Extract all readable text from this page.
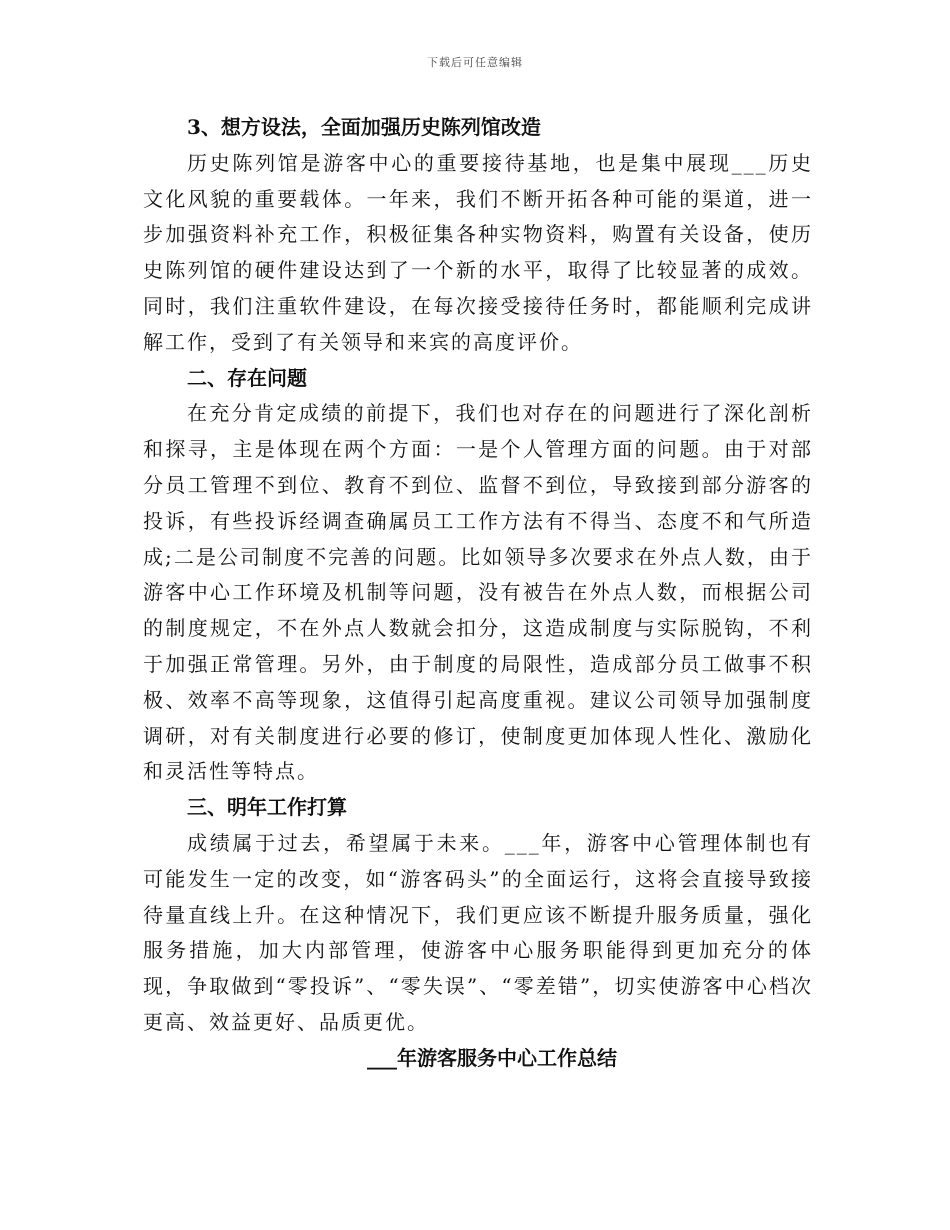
下载后可任意编辑

3、想方设法，全面加强历史陈列馆改造

历史陈列馆是游客中心的重要接待基地，也是集中展现___历史文化风貌的重要载体。一年来，我们不断开拓各种可能的渠道，进一步加强资料补充工作，积极征集各种实物资料，购置有关设备，使历史陈列馆的硬件建设达到了一个新的水平，取得了比较显著的成效。同时，我们注重软件建设，在每次接受接待任务时，都能顺利完成讲解工作，受到了有关领导和来宾的高度评价。

二、存在问题

在充分肯定成绩的前提下，我们也对存在的问题进行了深化剖析和探寻，主是体现在两个方面：一是个人管理方面的问题。由于对部分员工管理不到位、教育不到位、监督不到位，导致接到部分游客的投诉，有些投诉经调查确属员工工作方法有不得当、态度不和气所造成;二是公司制度不完善的问题。比如领导多次要求在外点人数，由于游客中心工作环境及机制等问题，没有被告在外点人数，而根据公司的制度规定，不在外点人数就会扣分，这造成制度与实际脱钩，不利于加强正常管理。另外，由于制度的局限性，造成部分员工做事不积极、效率不高等现象，这值得引起高度重视。建议公司领导加强制度调研，对有关制度进行必要的修订，使制度更加体现人性化、激励化和灵活性等特点。

三、明年工作打算

成绩属于过去，希望属于未来。___年，游客中心管理体制也有可能发生一定的改变，如“游客码头”的全面运行，这将会直接导致接待量直线上升。在这种情况下，我们更应该不断提升服务质量，强化服务措施，加大内部管理，使游客中心服务职能得到更加充分的体现，争取做到“零投诉”、“零失误”、“零差错”，切实使游客中心档次更高、效益更好、品质更优。

___年游客服务中心工作总结
